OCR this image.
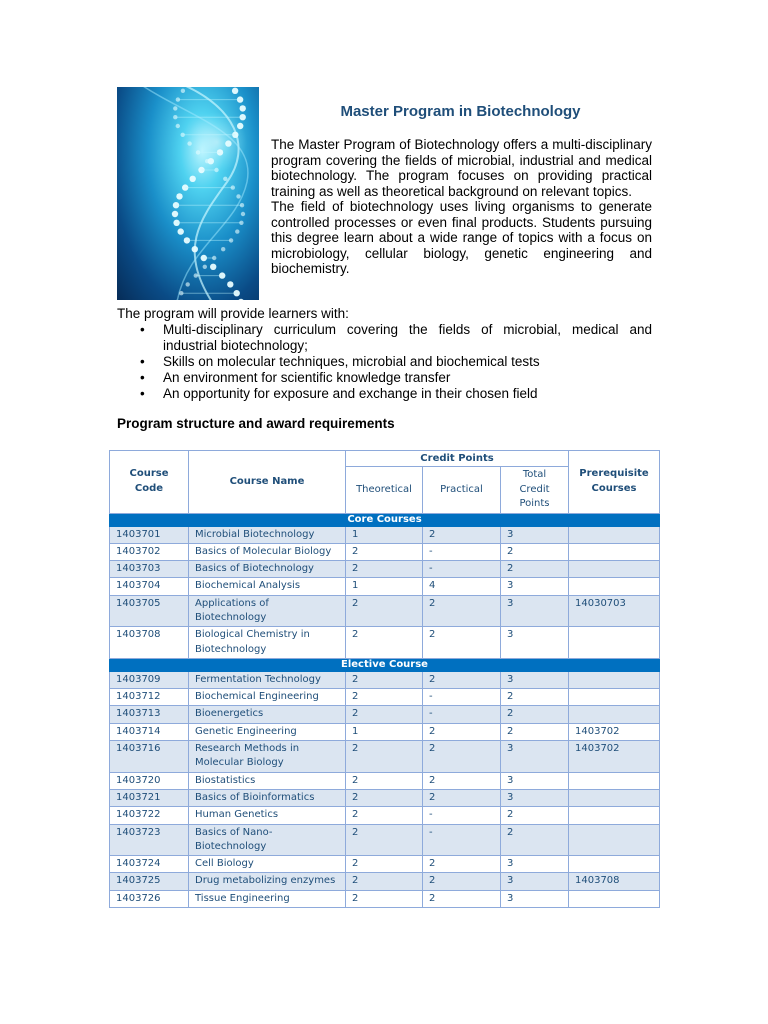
Master Program in Biotechnology

The Master Program of Biotechnology offers a multi-disciplinary program covering the fields of microbial, industrial and medical biotechnology. The program focuses on providing practical training as well as theoretical background on relevant topics.

The field of biotechnology uses living organisms to generate controlled processes or even final products. Students pursuing this degree learn about a wide range of topics with a focus on microbiology, cellular biology, genetic engineering and biochemistry.

The program will provide learners with:
• Multi-disciplinary curriculum covering the fields of microbial, medical and industrial biotechnology;
• Skills on molecular techniques, microbial and biochemical tests
• An environment for scientific knowledge transfer
• An opportunity for exposure and exchange in their chosen field
Program structure and award requirements
Course Code	Course Name	Credit Points			Prerequisite Courses
		Theoretical	Practical	Total Credit Points	
Core Courses					
1403701	Microbial Biotechnology	1	2	3	
1403702	Basics of Molecular Biology	2	-	2	
1403703	Basics of Biotechnology	2	-	2	
1403704	Biochemical Analysis	1	4	3	
1403705	Applications of Biotechnology	2	2	3	14030703
1403708	Biological Chemistry in Biotechnology	2	2	3	
Elective Course					
1403709	Fermentation Technology	2	2	3	
1403712	Biochemical Engineering	2	-	2	
1403713	Bioenergetics	2	-	2	
1403714	Genetic Engineering	1	2	2	1403702
1403716	Research Methods in Molecular Biology	2	2	3	1403702
1403720	Biostatistics	2	2	3	
1403721	Basics of Bioinformatics	2	2	3	
1403722	Human Genetics	2	-	2	
1403723	Basics of Nano-Biotechnology	2	-	2	
1403724	Cell Biology	2	2	3	
1403725	Drug metabolizing enzymes	2	2	3	1403708
1403726	Tissue Engineering	2	2	3	
